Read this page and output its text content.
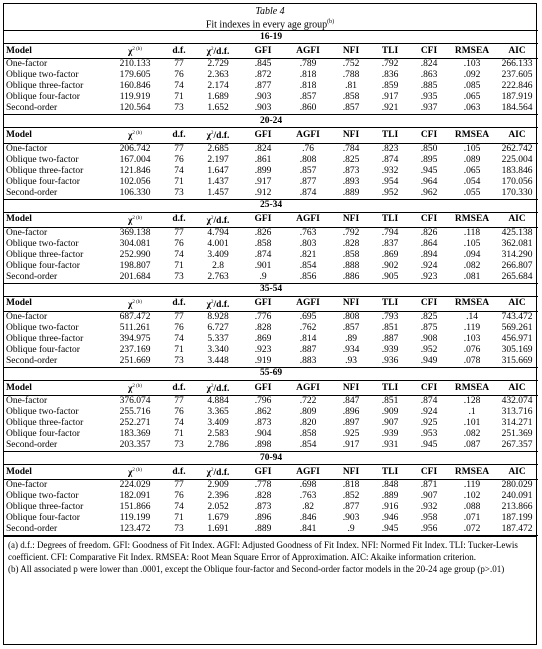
Table 4
Fit indexes in every age group$^{(b)}$
16-19										
Model	$\chi^{2 (b)}$	d.f.	$\chi^2/d.f$.	GFI	AGFI	NFI	TLI	CFI	RMSEA	AIC
One-factor	210.133	77	2.729	.845	.789	.752	.792	.824	.103	266.133
Oblique two-factor	179.605	76	2.363	.872	.818	.788	.836	.863	.092	237.605
Oblique three-factor	160.846	74	2.174	.877	.818	.81	.859	.885	.085	222.846
Oblique four-factor	119.919	71	1.689	.903	.857	.858	.917	.935	.065	187.919
Second-order	120.564	73	1.652	.903	.860	.857	.921	.937	.063	184.564
20-24										
Model	$\chi^{2 (b)}$	d.f.	$\chi^2/d.f$.	GFI	AGFI	NFI	TLI	CFI	RMSEA	AIC
One-factor	206.742	77	2.685	.824	.76	.784	.823	.850	.105	262.742
Oblique two-factor	167.004	76	2.197	.861	.808	.825	.874	.895	.089	225.004
Oblique three-factor	121.846	74	1.647	.899	.857	.873	.932	.945	.065	183.846
Oblique four-factor	102.056	71	1.437	.917	.877	.893	.954	.964	.054	170.056
Second-order	106.330	73	1.457	.912	.874	.889	.952	.962	.055	170.330
25-34										
Model	$\chi^{2 (b)}$	d.f.	$\chi^2/d.f$.	GFI	AGFI	NFI	TLI	CFI	RMSEA	AIC
One-factor	369.138	77	4.794	.826	.763	.792	.794	.826	.118	425.138
Oblique two-factor	304.081	76	4.001	.858	.803	.828	.837	.864	.105	362.081
Oblique three-factor	252.990	74	3.409	.874	.821	.858	.869	.894	.094	314.290
Oblique four-factor	198.807	71	2.8	.901	.854	.888	.902	.924	.082	266.807
Second-order	201.684	73	2.763	.9	.856	.886	.905	.923	.081	265.684
35-54										
Model	$\chi^{2 (b)}$	d.f.	$\chi^2/d.f$.	GFI	AGFI	NFI	TLI	CFI	RMSEA	AIC
One-factor	687.472	77	8.928	.776	.695	.808	.793	.825	.14	743.472
Oblique two-factor	511.261	76	6.727	.828	.762	.857	.851	.875	.119	569.261
Oblique three-factor	394.975	74	5.337	.869	.814	.89	.887	.908	.103	456.971
Oblique four-factor	237.169	71	3.340	.923	.887	.934	.939	.952	.076	305.169
Second-order	251.669	73	3.448	.919	.883	.93	.936	.949	.078	315.669
55-69										
Model	$\chi^{2 (b)}$	d.f.	$\chi^2/d.f$.	GFI	AGFI	NFI	TLI	CFI	RMSEA	AIC
One-factor	376.074	77	4.884	.796	.722	.847	.851	.874	.128	432.074
Oblique two-factor	255.716	76	3.365	.862	.809	.896	.909	.924	.1	313.716
Oblique three-factor	252.271	74	3.409	.873	.820	.897	.907	.925	.101	314.271
Oblique four-factor	183.369	71	2.583	.904	.858	.925	.939	.953	.082	251.369
Second-order	203.357	73	2.786	.898	.854	.917	.931	.945	.087	267.357
70-94										
Model	$\chi^{2 (b)}$	d.f.	$\chi^2/d.f$.	GFI	AGFI	NFI	TLI	CFI	RMSEA	AIC
One-factor	224.029	77	2.909	.778	.698	.818	.848	.871	.119	280.029
Oblique two-factor	182.091	76	2.396	.828	.763	.852	.889	.907	.102	240.091
Oblique three-factor	151.866	74	2.052	.873	.82	.877	.916	.932	.088	213.866
Oblique four-factor	119.199	71	1.679	.896	.846	.903	.946	.958	.071	187.199
Second-order	123.472	73	1.691	.889	.841	.9	.945	.956	.072	187.472
(a) d.f.: Degrees of freedom. GFI: Goodness of Fit Index. AGFI: Adjusted Goodness of Fit Index. NFI: Normed Fit Index. TLI: Tucker-Lewis coefficient. CFI: Comparative Fit Index. RMSEA: Root Mean Square Error of Approximation. AIC: Akaike information criterion.
(b) All associated p were lower than .0001, except the Oblique four-factor and Second-order factor models in the 20-24 age group (p>.01)
